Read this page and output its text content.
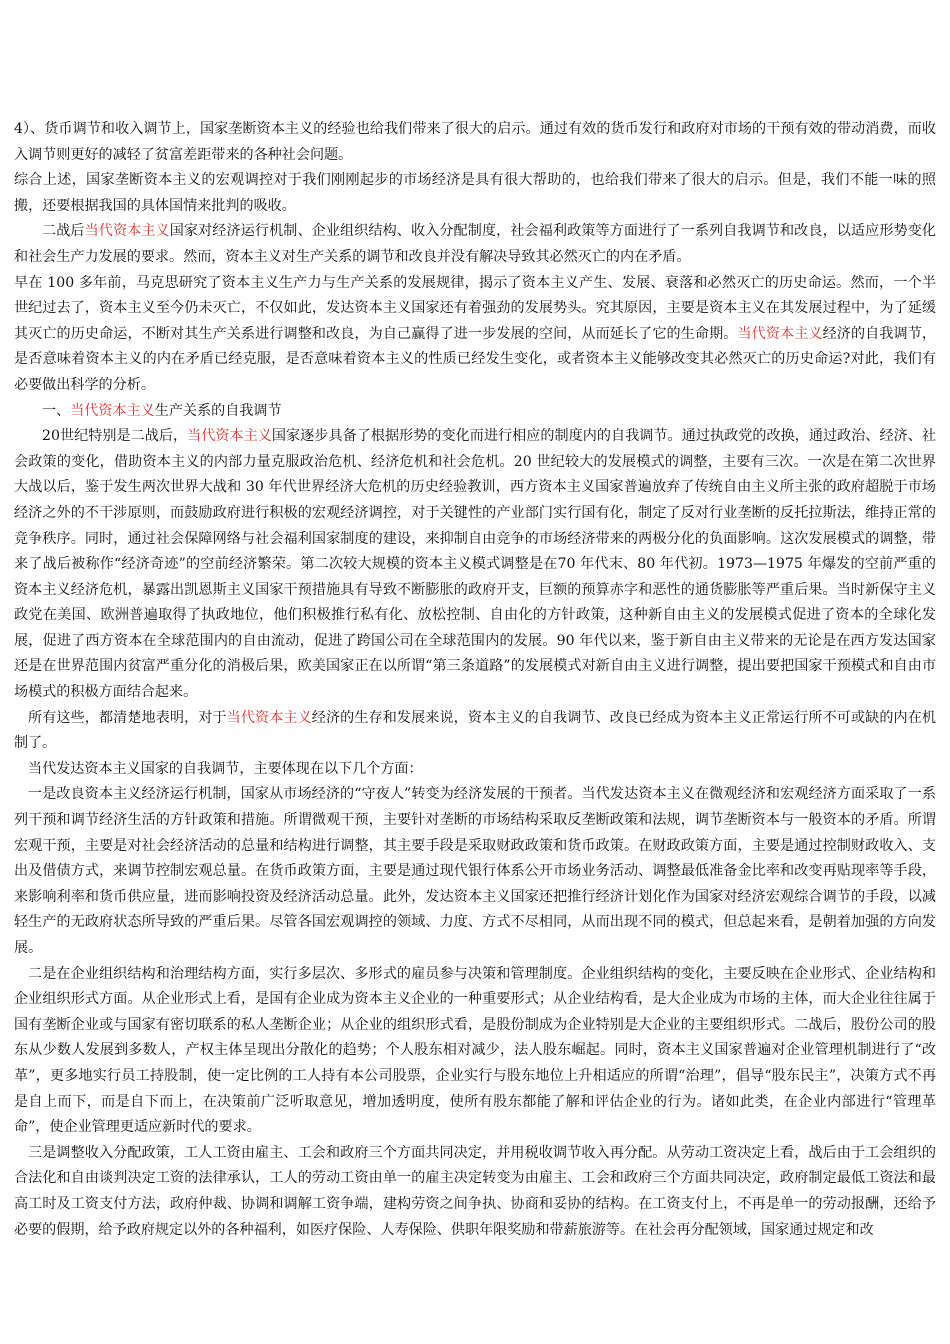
4）、货币调节和收入调节上，国家垄断资本主义的经验也给我们带来了很大的启示。通过有效的货币发行和政府对市场的干预有效的带动消费，而收入调节则更好的减轻了贫富差距带来的各种社会问题。

综合上述，国家垄断资本主义的宏观调控对于我们刚刚起步的市场经济是具有很大帮助的，也给我们带来了很大的启示。但是，我们不能一味的照搬，还要根据我国的具体国情来批判的吸收。

二战后当代资本主义国家对经济运行机制、企业组织结构、收入分配制度，社会福利政策等方面进行了一系列自我调节和改良，以适应形势变化和社会生产力发展的要求。然而，资本主义对生产关系的调节和改良并没有解决导致其必然灭亡的内在矛盾。

早在 100 多年前，马克思研究了资本主义生产力与生产关系的发展规律，揭示了资本主义产生、发展、衰落和必然灭亡的历史命运。然而，一个半世纪过去了，资本主义至今仍未灭亡，不仅如此，发达资本主义国家还有着强劲的发展势头。究其原因，主要是资本主义在其发展过程中，为了延缓其灭亡的历史命运，不断对其生产关系进行调整和改良，为自己赢得了进一步发展的空间，从而延长了它的生命期。当代资本主义经济的自我调节，是否意味着资本主义的内在矛盾已经克服，是否意味着资本主义的性质已经发生变化，或者资本主义能够改变其必然灭亡的历史命运?对此，我们有必要做出科学的分析。

一、当代资本主义生产关系的自我调节

20世纪特别是二战后，当代资本主义国家逐步具备了根据形势的变化而进行相应的制度内的自我调节。通过执政党的改换，通过政治、经济、社会政策的变化，借助资本主义的内部力量克服政治危机、经济危机和社会危机。20 世纪较大的发展模式的调整，主要有三次。一次是在第二次世界大战以后，鉴于发生两次世界大战和 30 年代世界经济大危机的历史经验教训，西方资本主义国家普遍放弃了传统自由主义所主张的政府超脱于市场经济之外的不干涉原则，而鼓励政府进行积极的宏观经济调控，对于关键性的产业部门实行国有化，制定了反对行业垄断的反托拉斯法，维持正常的竞争秩序。同时，通过社会保障网络与社会福利国家制度的建设，来抑制自由竞争的市场经济带来的两极分化的负面影响。这次发展模式的调整，带来了战后被称作“经济奇迹”的空前经济繁荣。第二次较大规模的资本主义模式调整是在70 年代末、80 年代初。1973—1975 年爆发的空前严重的资本主义经济危机，暴露出凯恩斯主义国家干预措施具有导致不断膨胀的政府开支，巨额的预算赤字和恶性的通货膨胀等严重后果。当时新保守主义政党在美国、欧洲普遍取得了执政地位，他们积极推行私有化、放松控制、自由化的方针政策，这种新自由主义的发展模式促进了资本的全球化发展，促进了西方资本在全球范围内的自由流动，促进了跨国公司在全球范围内的发展。90 年代以来，鉴于新自由主义带来的无论是在西方发达国家还是在世界范围内贫富严重分化的消极后果，欧美国家正在以所谓“第三条道路”的发展模式对新自由主义进行调整，提出要把国家干预模式和自由市场模式的积极方面结合起来。

所有这些，都清楚地表明，对于当代资本主义经济的生存和发展来说，资本主义的自我调节、改良已经成为资本主义正常运行所不可或缺的内在机制了。

当代发达资本主义国家的自我调节，主要体现在以下几个方面：

一是改良资本主义经济运行机制，国家从市场经济的“守夜人”转变为经济发展的干预者。当代发达资本主义在微观经济和宏观经济方面采取了一系列干预和调节经济生活的方针政策和措施。所谓微观干预，主要针对垄断的市场结构采取反垄断政策和法规，调节垄断资本与一般资本的矛盾。所谓宏观干预，主要是对社会经济活动的总量和结构进行调整，其主要手段是采取财政政策和货币政策。在财政政策方面，主要是通过控制财政收入、支出及借债方式，来调节控制宏观总量。在货币政策方面，主要是通过现代银行体系公开市场业务活动、调整最低准备金比率和改变再贴现率等手段，来影响利率和货币供应量，进而影响投资及经济活动总量。此外，发达资本主义国家还把推行经济计划化作为国家对经济宏观综合调节的手段，以减轻生产的无政府状态所导致的严重后果。尽管各国宏观调控的领域、力度、方式不尽相同，从而出现不同的模式，但总起来看，是朝着加强的方向发展。

二是在企业组织结构和治理结构方面，实行多层次、多形式的雇员参与决策和管理制度。企业组织结构的变化，主要反映在企业形式、企业结构和企业组织形式方面。从企业形式上看，是国有企业成为资本主义企业的一种重要形式；从企业结构看，是大企业成为市场的主体，而大企业往往属于国有垄断企业或与国家有密切联系的私人垄断企业；从企业的组织形式看，是股份制成为企业特别是大企业的主要组织形式。二战后，股份公司的股东从少数人发展到多数人，产权主体呈现出分散化的趋势；个人股东相对减少，法人股东崛起。同时，资本主义国家普遍对企业管理机制进行了“改革”，更多地实行员工持股制，使一定比例的工人持有本公司股票，企业实行与股东地位上升相适应的所谓“治理”，倡导“股东民主”，决策方式不再是自上而下，而是自下而上，在决策前广泛听取意见，增加透明度，使所有股东都能了解和评估企业的行为。诸如此类，在企业内部进行“管理革命”，使企业管理更适应新时代的要求。

三是调整收入分配政策，工人工资由雇主、工会和政府三个方面共同决定，并用税收调节收入再分配。从劳动工资决定上看，战后由于工会组织的合法化和自由谈判决定工资的法律承认，工人的劳动工资由单一的雇主决定转变为由雇主、工会和政府三个方面共同决定，政府制定最低工资法和最高工时及工资支付方法，政府仲裁、协调和调解工资争端，建构劳资之间争执、协商和妥协的结构。在工资支付上，不再是单一的劳动报酬，还给予必要的假期，给予政府规定以外的各种福利，如医疗保险、人寿保险、供职年限奖励和带薪旅游等。在社会再分配领域，国家通过规定和改
